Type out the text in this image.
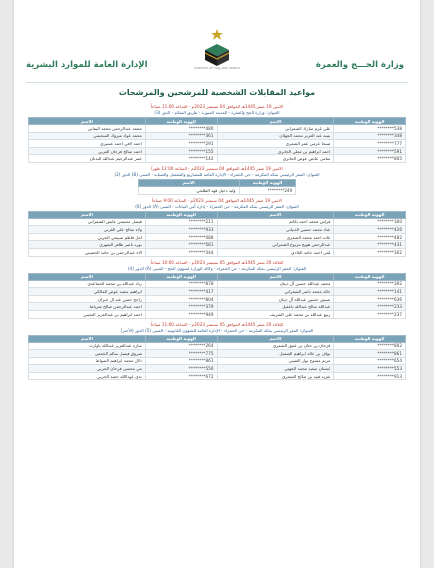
وزارة الحـــج والعمرة
MINISTRY OF HAJJ AND UMRAH
الإدارة العامة للموارد البشرية
مواعيد المقابلات الشخصية للمرشحين والمرشحات
الاثنين 19 صفر 1445هـ الموافق 04 سبتمبر 2023م - الساعة 11:00 صباحاً
العنوان: وزارة الحج والعمرة - المدينة المنورة - طريق السلام - الدور (3)
الهوية الوطنية	الاسم	الهوية الوطنية	الاسم
********538	علي غرم مبارك الشمراني	********480	محمد عبدالرحمن محمد اليماني
********348	بثينه عبد العزيز محمد الجهلان	********361	محمد عواد مبروك السحيمي
********777	صبحا عزمي عمر الشمري	********291	احمد لافي احمد عسيري
********591	احمد ابراهيم بن معلي الجابري	********155	احمد صالح فرحان العربي
********805	سامي عايض عوض الجابري	********142	عمر عبدالرحيم عبدالله البدنان
الاثنين 19 صفر 1445هـ الموافق 04 سبتمبر 2023م - الساعة 12:00 ظهراً
العنوان: المقر الرئيسي بمكة المكرمة - حي الحمراء - الإدارة العامة للمشاريع والتشغيل والصيانة - المبنى (B) الدور (2)
الهوية الوطنية	الاسم
********249	وليد دخيل فهد الطلحي
الاثنين 19 صفر 1445هـ الموافق 04 سبتمبر 2023م - الساعة 9:00 صباحاً
العنوان: المقر الرئيسي بمكة المكرمة - حي الحمراء - إدارة أمن البيانات - المبنى (A) الدور (6)
الهوية الوطنية	الاسم	الهوية الوطنية	الاسم
********300	فراس محمد احمد بكاتم	********211	فيصل محيسن عايض الشمراني
********426	عناد محمد حسين الذبياني	********933	ولاء صالح علي القرني
********482	غاده احمد محمد الشمري	********088	امل فاطم صبيحي الحربي
********431	عبدالرحمن هويج مريوع الشمراني	********581	نوره ناصر ظافر الشهري
********302	لمى احمد حامد البلادي	********344	الاء عبدالرحمن بن حامد الحصيني
الثلاثاء 20 صفر 1445هـ الموافق 05 سبتمبر 2023م - الساعة 10:00 صباحاً
العنوان: المقر الرئيسي بمكة المكرمة - حي الحمراء - وكالة الوزارة لشؤون الحج - المبنى (A) الدور (4)
الهوية الوطنية	الاسم	الهوية الوطنية	الاسم
********392	محمد عبدالله حسين آل ذيبان	********878	زياد عبدالله بن محمد الجماعدي
********141	خالد محمد ناصر الشمراني	********417	ابراهيم سعيد عوض المالكي
********636	صنيتن حسين عبدالله آل ذيبان	********804	راجح حسن عيد ال جبران
********233	عبدالله صالح عبدالله باعقيل	********379	احمد عبدالرحمن صالح شرباط
********237	ربيع عبدالله بن محمد علي الشريف	********949	احمد ابراهيم بن عبدالعزيز التجيبي
الثلاثاء 20 صفر 1445هـ الموافق 05 سبتمبر 2023م - الساعة 11:00 صباحاً
العنوان: المقر الرئيسي بمكة المكرمة - حي الحمراء - الإدارة العامة للشؤون القانونية - المبنى (5) الدور (الأخير)
الهوية الوطنية	الاسم	الهوية الوطنية	الاسم
********802	فرحان بن حنان بن عتيق الشمري	********264	سارة عبدالعزيز عبدالله باوارث
********861	نواف بن خالد ابراهيم الشميل	********775	شروق فيصل سالم الخمعي
********654	مريم مشوح نوار العتيبي	********861	دلال محمد ابراهيم الصواط
********553	ابتسان سعيد محمد الجهني	********556	مي محسن فرحان الجربي
********913	تغريد قبيد بن صالح الشمري	********672	ندى عوداالله حميد الحربي
